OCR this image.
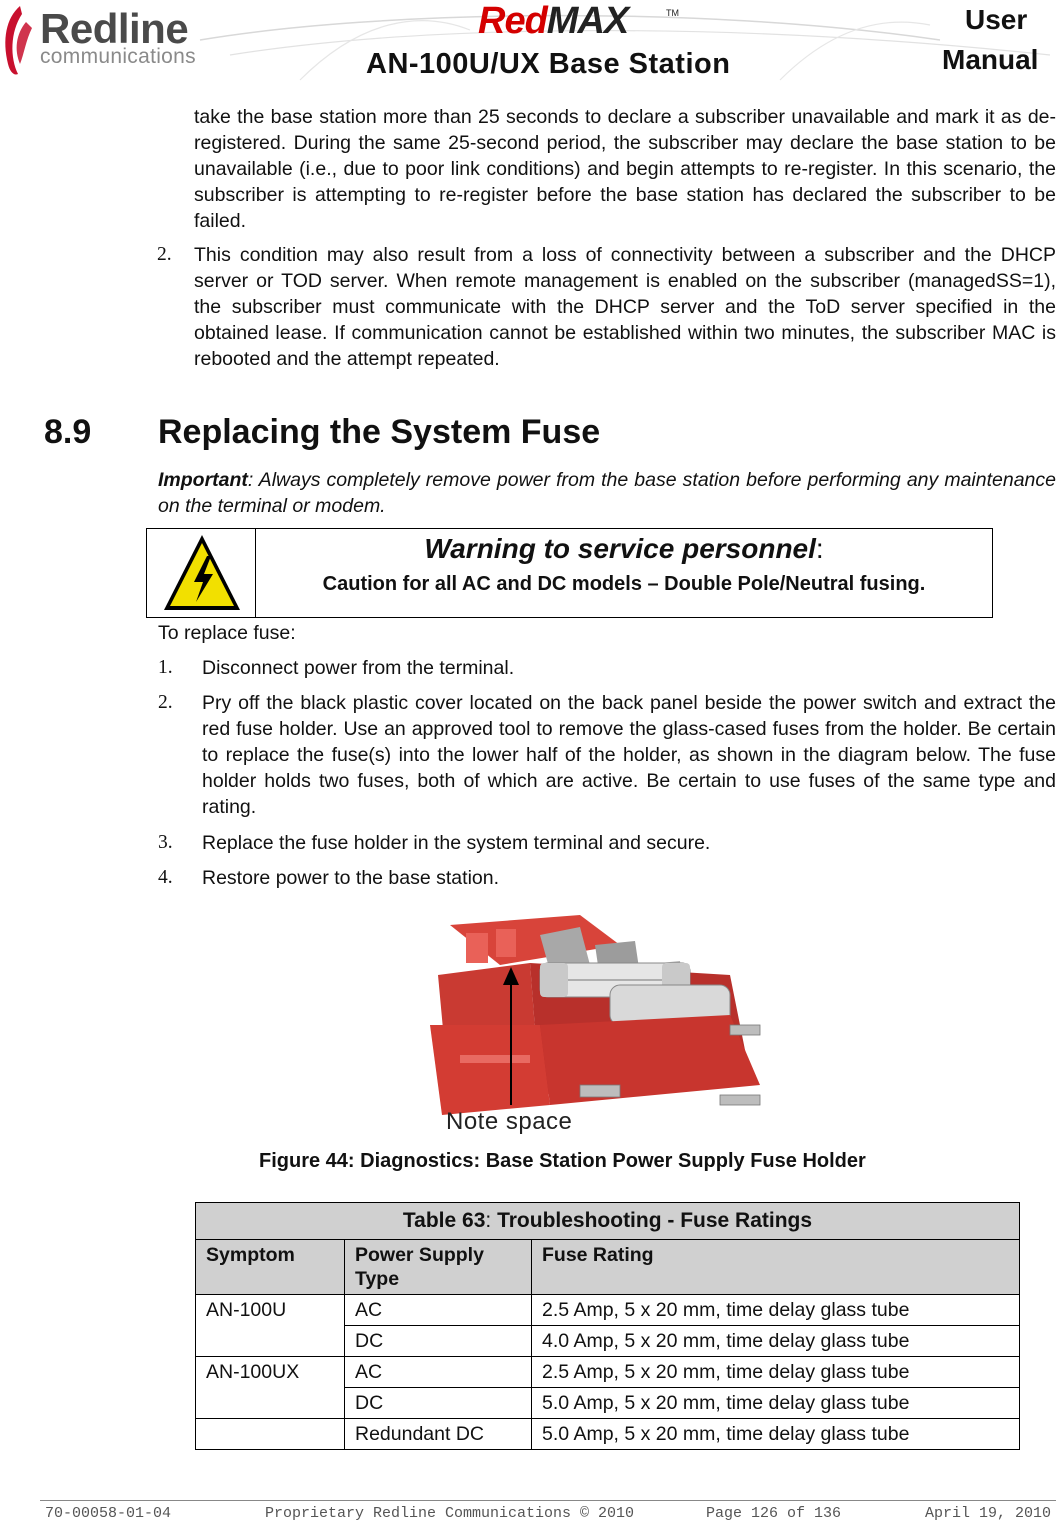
Redline
communications
RedMAX	TM
AN-100U/UX Base Station
User
Manual

take the base station more than 25 seconds to declare a subscriber unavailable and mark it as de-registered. During the same 25-second period, the subscriber may declare the base station to be unavailable (i.e., due to poor link conditions) and begin attempts to re-register. In this scenario, the subscriber is attempting to re-register before the base station has declared the subscriber to be failed.

2. This condition may also result from a loss of connectivity between a subscriber and the DHCP server or TOD server. When remote management is enabled on the subscriber (managedSS=1), the subscriber must communicate with the DHCP server and the ToD server specified in the obtained lease. If communication cannot be established within two minutes, the subscriber MAC is rebooted and the attempt repeated.

8.9 Replacing the System Fuse

Important: Always completely remove power from the base station before performing any maintenance on the terminal or modem.

Warning to service personnel:
Caution for all AC and DC models – Double Pole/Neutral fusing.
To replace fuse:
1. Disconnect power from the terminal.

2. Pry off the black plastic cover located on the back panel beside the power switch and extract the red fuse holder. Use an approved tool to remove the glass-cased fuses from the holder. Be certain to replace the fuse(s) into the lower half of the holder, as shown in the diagram below. The fuse holder holds two fuses, both of which are active. Be certain to use fuses of the same type and rating.

3. Replace the fuse holder in the system terminal and secure.

4. Restore power to the base station.

Note space
Figure 44: Diagnostics: Base Station Power Supply Fuse Holder
Table 63: Troubleshooting - Fuse Ratings		
Symptom	Power Supply Type	Fuse Rating
AN-100U	AC	2.5 Amp, 5 x 20 mm, time delay glass tube
	DC	4.0 Amp, 5 x 20 mm, time delay glass tube
AN-100UX	AC	2.5 Amp, 5 x 20 mm, time delay glass tube
	DC	5.0 Amp, 5 x 20 mm, time delay glass tube
	Redundant DC	5.0 Amp, 5 x 20 mm, time delay glass tube
70-00058-01-04	Proprietary Redline Communications © 2010	Page 126 of 136	April 19, 2010
